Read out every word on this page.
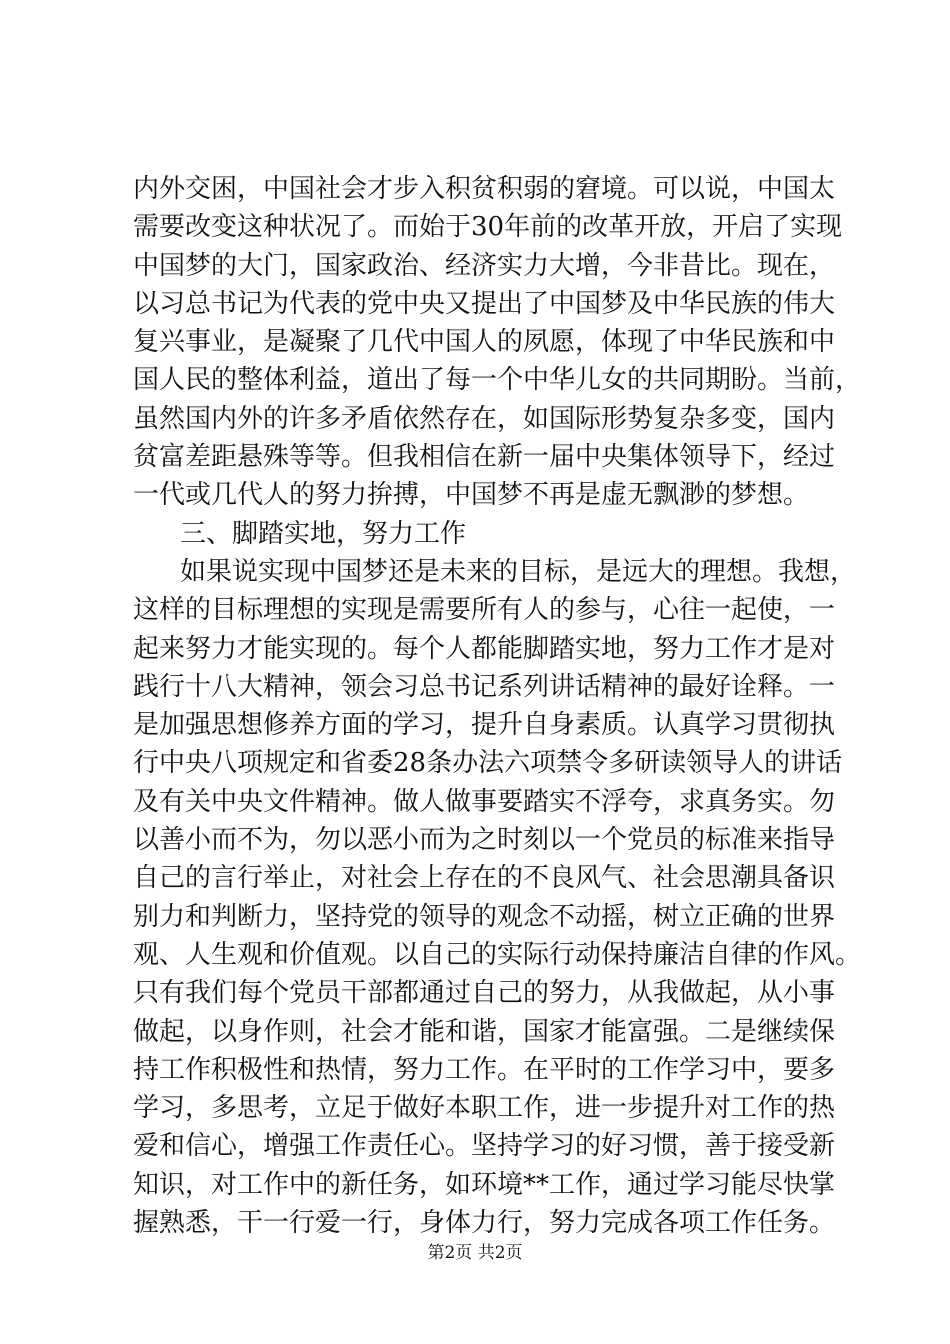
内外交困，中国社会才步入积贫积弱的窘境。可以说，中国太
需要改变这种状况了。而始于30年前的改革开放，开启了实现
中国梦的大门，国家政治、经济实力大增，今非昔比。现在，
以习总书记为代表的党中央又提出了中国梦及中华民族的伟大
复兴事业，是凝聚了几代中国人的夙愿，体现了中华民族和中
国人民的整体利益，道出了每一个中华儿女的共同期盼。当前，
虽然国内外的许多矛盾依然存在，如国际形势复杂多变，国内
贫富差距悬殊等等。但我相信在新一届中央集体领导下，经过
一代或几代人的努力拚搏，中国梦不再是虚无飘渺的梦想。
三、脚踏实地，努力工作
如果说实现中国梦还是未来的目标，是远大的理想。我想，
这样的目标理想的实现是需要所有人的参与，心往一起使，一
起来努力才能实现的。每个人都能脚踏实地，努力工作才是对
践行十八大精神，领会习总书记系列讲话精神的最好诠释。一
是加强思想修养方面的学习，提升自身素质。认真学习贯彻执
行中央八项规定和省委28条办法六项禁令多研读领导人的讲话
及有关中央文件精神。做人做事要踏实不浮夸，求真务实。勿
以善小而不为，勿以恶小而为之时刻以一个党员的标准来指导
自己的言行举止，对社会上存在的不良风气、社会思潮具备识
别力和判断力，坚持党的领导的观念不动摇，树立正确的世界
观、人生观和价值观。以自己的实际行动保持廉洁自律的作风。
只有我们每个党员干部都通过自己的努力，从我做起，从小事
做起，以身作则，社会才能和谐，国家才能富强。二是继续保
持工作积极性和热情，努力工作。在平时的工作学习中，要多
学习，多思考，立足于做好本职工作，进一步提升对工作的热
爱和信心，增强工作责任心。坚持学习的好习惯，善于接受新
知识，对工作中的新任务，如环境**工作，通过学习能尽快掌
握熟悉，干一行爱一行，身体力行，努力完成各项工作任务。
第2页 共2页
